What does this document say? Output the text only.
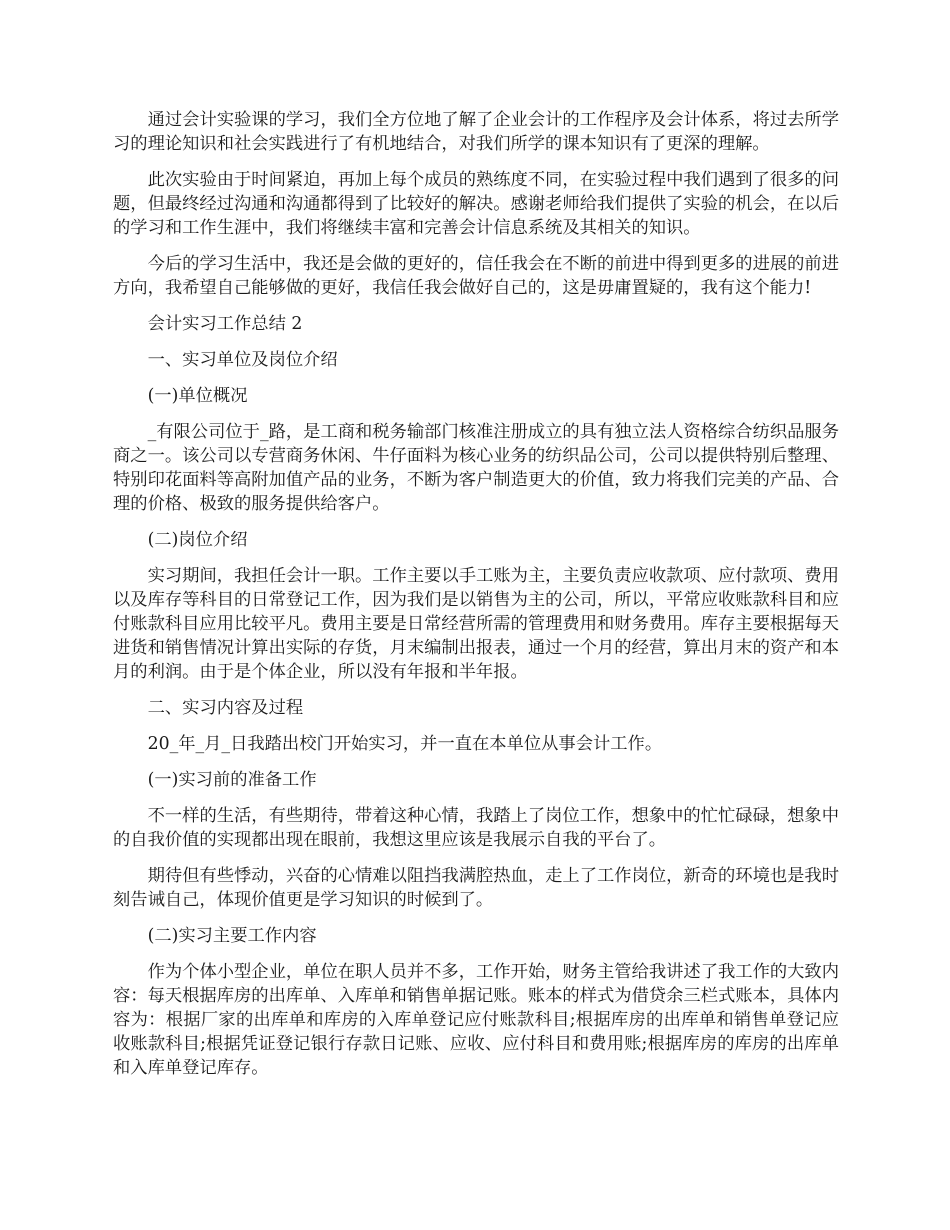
通过会计实验课的学习，我们全方位地了解了企业会计的工作程序及会计体系，将过去所学习的理论知识和社会实践进行了有机地结合，对我们所学的课本知识有了更深的理解。

此次实验由于时间紧迫，再加上每个成员的熟练度不同，在实验过程中我们遇到了很多的问题，但最终经过沟通和沟通都得到了比较好的解决。感谢老师给我们提供了实验的机会，在以后的学习和工作生涯中，我们将继续丰富和完善会计信息系统及其相关的知识。

今后的学习生活中，我还是会做的更好的，信任我会在不断的前进中得到更多的进展的前进方向，我希望自己能够做的更好，我信任我会做好自己的，这是毋庸置疑的，我有这个能力!

会计实习工作总结 2

一、实习单位及岗位介绍

(一)单位概况

_有限公司位于_路，是工商和税务输部门核准注册成立的具有独立法人资格综合纺织品服务商之一。该公司以专营商务休闲、牛仔面料为核心业务的纺织品公司，公司以提供特别后整理、特别印花面料等高附加值产品的业务，不断为客户制造更大的价值，致力将我们完美的产品、合理的价格、极致的服务提供给客户。

(二)岗位介绍

实习期间，我担任会计一职。工作主要以手工账为主，主要负责应收款项、应付款项、费用以及库存等科目的日常登记工作，因为我们是以销售为主的公司，所以，平常应收账款科目和应付账款科目应用比较平凡。费用主要是日常经营所需的管理费用和财务费用。库存主要根据每天进货和销售情况计算出实际的存货，月末编制出报表，通过一个月的经营，算出月末的资产和本月的利润。由于是个体企业，所以没有年报和半年报。

二、实习内容及过程

20_年_月_日我踏出校门开始实习，并一直在本单位从事会计工作。

(一)实习前的准备工作

不一样的生活，有些期待，带着这种心情，我踏上了岗位工作，想象中的忙忙碌碌，想象中的自我价值的实现都出现在眼前，我想这里应该是我展示自我的平台了。

期待但有些悸动，兴奋的心情难以阻挡我满腔热血，走上了工作岗位，新奇的环境也是我时刻告诫自己，体现价值更是学习知识的时候到了。

(二)实习主要工作内容

作为个体小型企业，单位在职人员并不多，工作开始，财务主管给我讲述了我工作的大致内容：每天根据库房的出库单、入库单和销售单据记账。账本的样式为借贷余三栏式账本，具体内容为：根据厂家的出库单和库房的入库单登记应付账款科目;根据库房的出库单和销售单登记应收账款科目;根据凭证登记银行存款日记账、应收、应付科目和费用账;根据库房的库房的出库单和入库单登记库存。
